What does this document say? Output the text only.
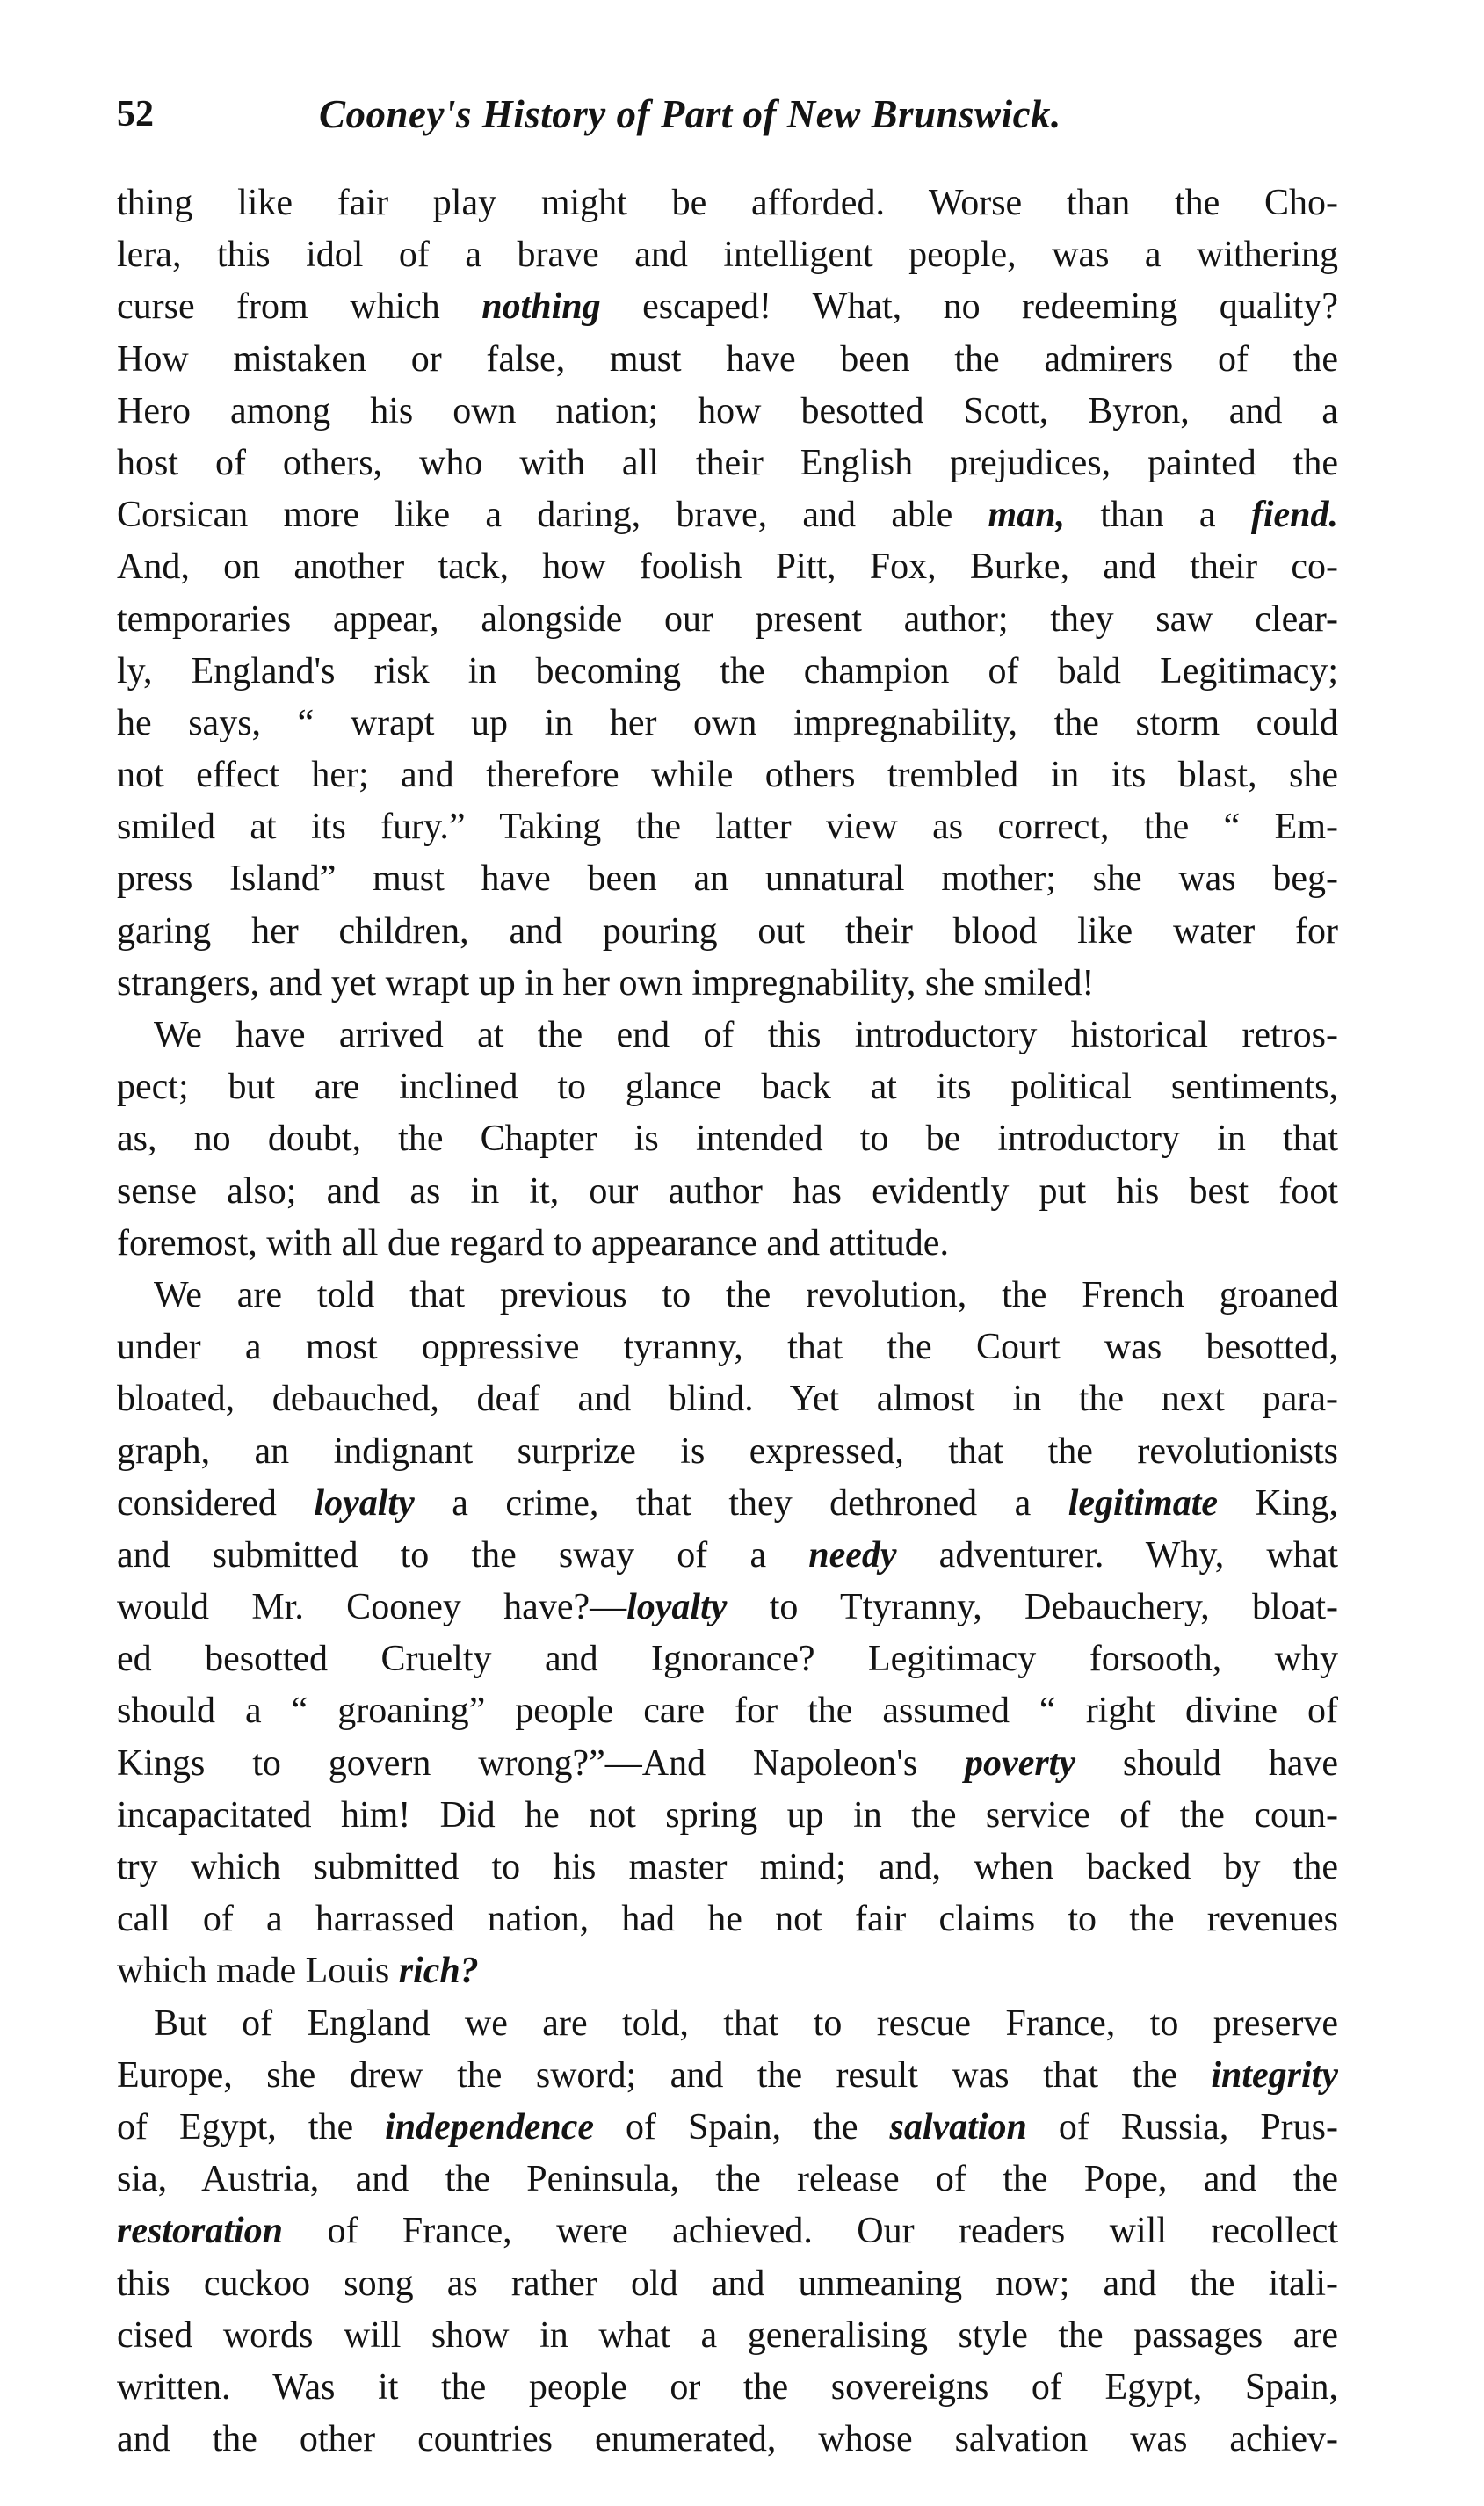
52	Cooney's History of Part of New Brunswick.
thing like fair play might be afforded. Worse than the Cho-
lera, this idol of a brave and intelligent people, was a withering
curse from which nothing escaped! What, no redeeming quality?
How mistaken or false, must have been the admirers of the
Hero among his own nation; how besotted Scott, Byron, and a
host of others, who with all their English prejudices, painted the
Corsican more like a daring, brave, and able man, than a fiend.
And, on another tack, how foolish Pitt, Fox, Burke, and their co-
temporaries appear, alongside our present author; they saw clear-
ly, England's risk in becoming the champion of bald Legitimacy;
he says, “ wrapt up in her own impregnability, the storm could
not effect her; and therefore while others trembled in its blast, she
smiled at its fury.” Taking the latter view as correct, the “ Em-
press Island” must have been an unnatural mother; she was beg-
garing her children, and pouring out their blood like water for
strangers, and yet wrapt up in her own impregnability, she smiled!
We have arrived at the end of this introductory historical retros-
pect; but are inclined to glance back at its political sentiments,
as, no doubt, the Chapter is intended to be introductory in that
sense also; and as in it, our author has evidently put his best foot
foremost, with all due regard to appearance and attitude.
We are told that previous to the revolution, the French groaned
under a most oppressive tyranny, that the Court was besotted,
bloated, debauched, deaf and blind. Yet almost in the next para-
graph, an indignant surprize is expressed, that the revolutionists
considered loyalty a crime, that they dethroned a legitimate King,
and submitted to the sway of a needy adventurer. Why, what
would Mr. Cooney have?—loyalty to Ttyranny, Debauchery, bloat-
ed besotted Cruelty and Ignorance? Legitimacy forsooth, why
should a “ groaning” people care for the assumed “ right divine of
Kings to govern wrong?”—And Napoleon's poverty should have
incapacitated him! Did he not spring up in the service of the coun-
try which submitted to his master mind; and, when backed by the
call of a harrassed nation, had he not fair claims to the revenues
which made Louis rich?
But of England we are told, that to rescue France, to preserve
Europe, she drew the sword; and the result was that the integrity
of Egypt, the independence of Spain, the salvation of Russia, Prus-
sia, Austria, and the Peninsula, the release of the Pope, and the
restoration of France, were achieved. Our readers will recollect
this cuckoo song as rather old and unmeaning now; and the itali-
cised words will show in what a generalising style the passages are
written. Was it the people or the sovereigns of Egypt, Spain,
and the other countries enumerated, whose salvation was achiev-
